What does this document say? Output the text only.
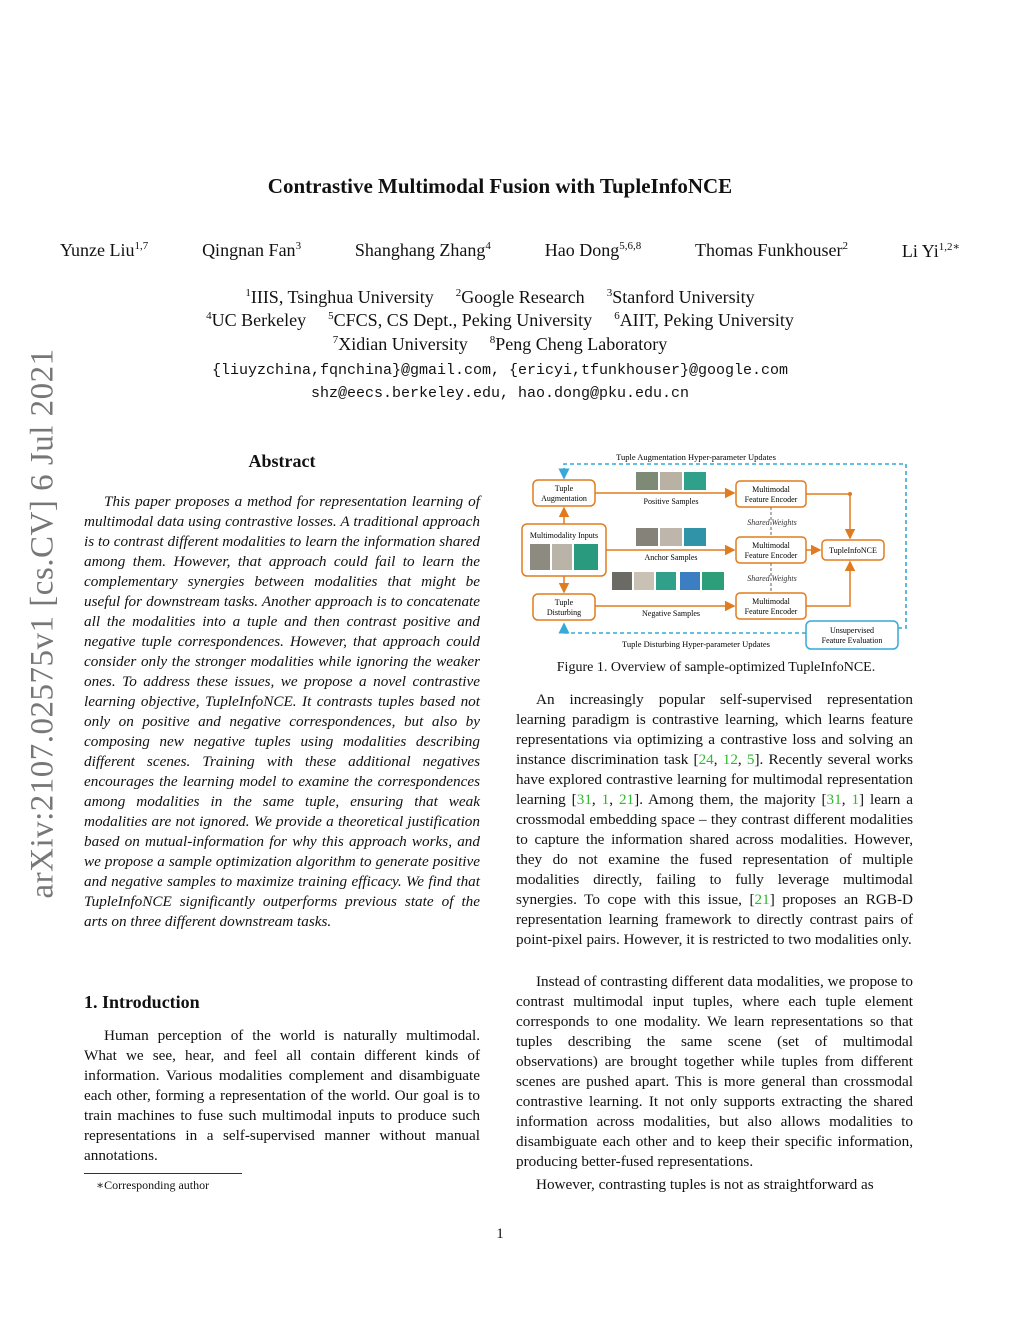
Contrastive Multimodal Fusion with TupleInfoNCE
Yunze Liu$^{1,7}$	Qingnan Fan$^3$	Shanghang Zhang$^4$	Hao Dong$^{5,6,8}$	Thomas Funkhouser$^2$	Li $Yi^{1,2∗}$
$^1$IIIS, Tsinghua University $^2$Google Research $^3$Stanford University
$^4$UC Berkeley $^5$CFCS, CS Dept., Peking University $^6$AIIT, Peking University
$^7$Xidian University $^8$Peng Cheng Laboratory
{liuyzchina,fqnchina}@gmail.com, {ericyi,tfunkhouser}@google.com
shz@eecs.berkeley.edu, hao.dong@pku.edu.cn
arXiv:2107.02575v1 [cs.CV] 6 Jul 2021	Abstract
This paper proposes a method for representation learning of multimodal data using contrastive losses. A traditional approach is to contrast different modalities to learn the information shared among them. However, that approach could fail to learn the complementary synergies between modalities that might be useful for downstream tasks. Another approach is to concatenate all the modalities into a tuple and then contrast positive and negative tuple correspondences. However, that approach could consider only the stronger modalities while ignoring the weaker ones. To address these issues, we propose a novel contrastive learning objective, TupleInfoNCE. It contrasts tuples based not only on positive and negative correspondences, but also by composing new negative tuples using modalities describing different scenes. Training with these additional negatives encourages the learning model to examine the correspondences among modalities in the same tuple, ensuring that weak modalities are not ignored. We provide a theoretical justification based on mutual-information for why this approach works, and we propose a sample optimization algorithm to generate positive and negative samples to maximize training efficacy. We find that TupleInfoNCE significantly outperforms previous state of the arts on three different downstream tasks.
1. Introduction
Human perception of the world is naturally multimodal. What we see, hear, and feel all contain different kinds of information. Various modalities complement and disambiguate each other, forming a representation of the world. Our goal is to train machines to fuse such multimodal inputs to produce such representations in a self-supervised manner without manual annotations.
∗Corresponding author
Tuple Augmentation Hyper-parameter Updates
Tuple Disturbing Hyper-parameter Updates
Tuple
Augmentation
Multimodality Inputs
Tuple
Disturbing
Positive Samples
Anchor Samples
Negative Samples
Multimodal
Feature Encoder
Multimodal
Feature Encoder
Multimodal
Feature Encoder
Shared Weights
Shared Weights
TupleInfoNCE
Unsupervised
Feature Evaluation
Figure 1. Overview of sample-optimized TupleInfoNCE.
An increasingly popular self-supervised representation learning paradigm is contrastive learning, which learns feature representations via optimizing a contrastive loss and solving an instance discrimination task [24, 12, 5]. Recently several works have explored contrastive learning for multimodal representation learning [31, 1, 21]. Among them, the majority [31, 1] learn a crossmodal embedding space – they contrast different modalities to capture the information shared across modalities. However, they do not examine the fused representation of multiple modalities directly, failing to fully leverage multimodal synergies. To cope with this issue, [21] proposes an RGB-D representation learning framework to directly contrast pairs of point-pixel pairs. However, it is restricted to two modalities only.
Instead of contrasting different data modalities, we propose to contrast multimodal input tuples, where each tuple element corresponds to one modality. We learn representations so that tuples describing the same scene (set of multimodal observations) are brought together while tuples from different scenes are pushed apart. This is more general than crossmodal contrastive learning. It not only supports extracting the shared information across modalities, but also allows modalities to disambiguate each other and to keep their specific information, producing better-fused representations.
However, contrasting tuples is not as straightforward as
1
